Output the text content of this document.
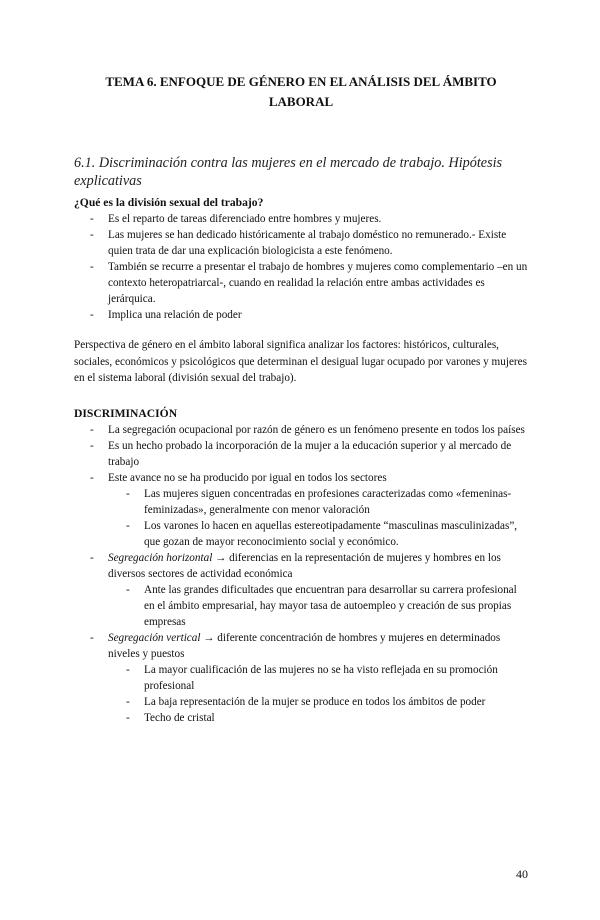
TEMA 6. ENFOQUE DE GÉNERO EN EL ANÁLISIS DEL ÁMBITO LABORAL
6.1. Discriminación contra las mujeres en el mercado de trabajo. Hipótesis explicativas
¿Qué es la división sexual del trabajo?
- Es el reparto de tareas diferenciado entre hombres y mujeres.
- Las mujeres se han dedicado históricamente al trabajo doméstico no remunerado.- Existe quien trata de dar una explicación biologicista a este fenómeno.
- También se recurre a presentar el trabajo de hombres y mujeres como complementario –en un contexto heteropatriarcal-, cuando en realidad la relación entre ambas actividades es jerárquica.
- Implica una relación de poder
Perspectiva de género en el ámbito laboral significa analizar los factores: históricos, culturales, sociales, económicos y psicológicos que determinan el desigual lugar ocupado por varones y mujeres en el sistema laboral (división sexual del trabajo).
DISCRIMINACIÓN
- La segregación ocupacional por razón de género es un fenómeno presente en todos los países
- Es un hecho probado la incorporación de la mujer a la educación superior y al mercado de trabajo
- Este avance no se ha producido por igual en todos los sectores
- Las mujeres siguen concentradas en profesiones caracterizadas como «femeninas-feminizadas», generalmente con menor valoración
- Los varones lo hacen en aquellas estereotipadamente “masculinas masculinizadas”, que gozan de mayor reconocimiento social y económico.
- Segregación horizontal → diferencias en la representación de mujeres y hombres en los diversos sectores de actividad económica
- Ante las grandes dificultades que encuentran para desarrollar su carrera profesional en el ámbito empresarial, hay mayor tasa de autoempleo y creación de sus propias empresas
- Segregación vertical → diferente concentración de hombres y mujeres en determinados niveles y puestos
- La mayor cualificación de las mujeres no se ha visto reflejada en su promoción profesional
- La baja representación de la mujer se produce en todos los ámbitos de poder
- Techo de cristal
40
